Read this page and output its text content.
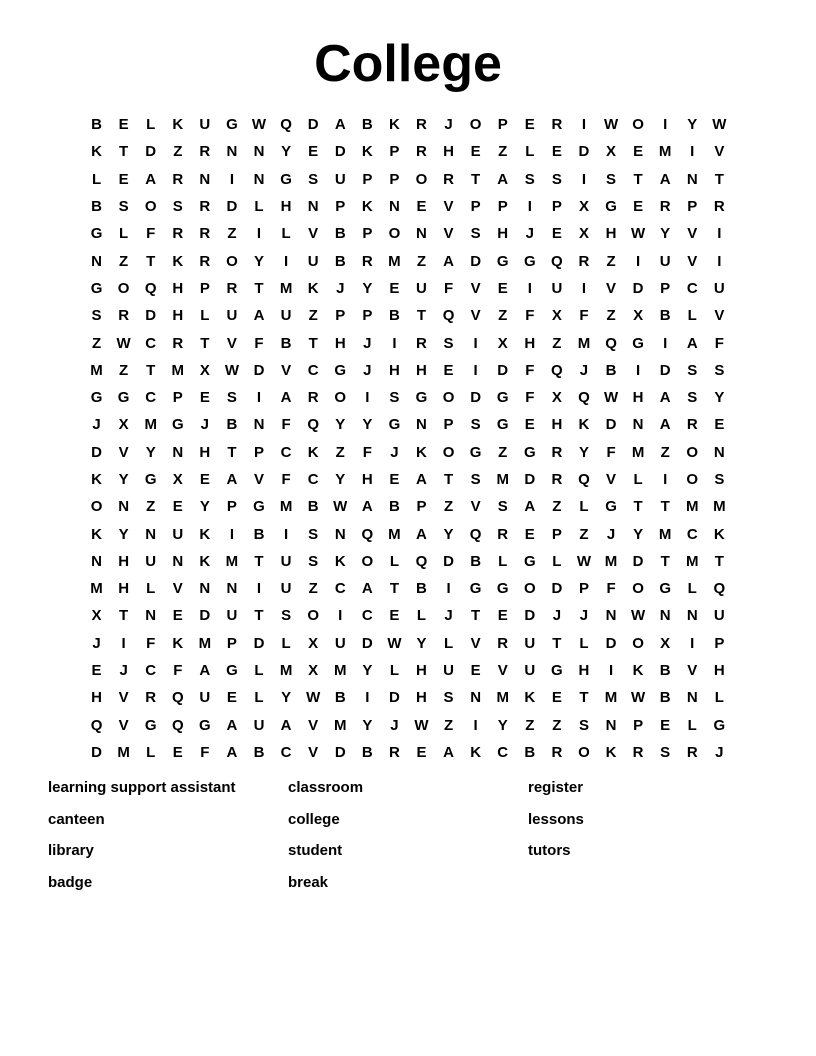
College
B	E	L	K	U	G W Q	D	A	B	K	R	J	O	P	E	R	I	W O	I	Y W
K	T	D	Z	R	N	N	Y	E	D	K	P	R	H	E	Z	L	E	D	X	E	M	I	V
L	E	A	R	N	I	N	G	S	U	P	P	O	R	T	A	S	S	I	S	T	A	N	T
B	S	O	S	R	D	L	H	N	P	K	N	E	V	P	P	I	P	X	G	E	R	P	R
G	L	F	R	R	Z	I	L	V	B	P	O	N	V	S	H	J	E	X	H W Y	V	I
N	Z	T	K	R	O	Y	I	U	B	R	M	Z	A	D	G	G	Q	R	Z	I	U	V	I
G	O	Q	H	P	R	T	M	K	J	Y	E	U	F	V	E	I	U	I	V	D	P	C	U
S	R	D	H	L	U	A	U	Z	P	P	B	T	Q	V	Z	F	X	F	Z	X	B	L	V
Z	W C	R	T	V	F	B	T	H	J	I	R	S	I	X	H	Z	M	Q	G	I	A	F
M	Z	T	M	X W D	V	C	G	J	H	H	E	I	D	F	Q	J	B	I	D	S	S
G	G	C	P	E	S	I	A	R	O	I	S	G	O	D	G	F	X	Q W H	A	S	Y
J	X	M	G	J	B	N	F	Q	Y	Y	G	N	P	S	G	E	H	K	D	N	A	R	E
D	V	Y	N	H	T	P	C	K	Z	F	J	K	O	G	Z	G	R	Y	F	M	Z	O	N
K	Y	G	X	E	A	V	F	C	Y	H	E	A	T	S	M	D	R	Q	V	L	I	O	S
O	N	Z	E	Y	P	G M	B W A	B	P	Z	V	S	A	Z	L	G	T	T	M M
K	Y	N	U	K	I	B	I	S	N	Q M	A	Y	Q	R	E	P	Z	J	Y	M	C	K
N	H	U	N	K	M	T	U	S	K	O	L	Q	D	B	L	G	L	W M	D	T	M	T
M	H	L	V	N	N	I	U	Z	C	A	T	B	I	G	G	O	D	P	F	O	G	L	Q
X	T	N	E	D	U	T	S	O	I	C	E	L	J	T	E	D	J	J	N W N	N	U
J	I	F	K	M	P	D	L	X	U	D W Y	L	V	R	U	T	L	D	O	X	I	P
E	J	C	F	A	G	L	M	X	M	Y	L	H	U	E	V	U	G	H	I	K	B	V	H
H	V	R	Q	U	E	L	Y W B	I	D	H	S	N	M	K	E	T	M W B	N	L
Q	V	G	Q	G	A	U	A	V	M	Y	J	W	Z	I	Y	Z	Z	S	N	P	E	L	G
D	M	L	E	F	A	B	C	V	D	B	R	E	A	K	C	B	R	O	K	R	S	R	J
learning support assistant	classroom	register
canteen	college	lessons
library	student	tutors
badge	break
